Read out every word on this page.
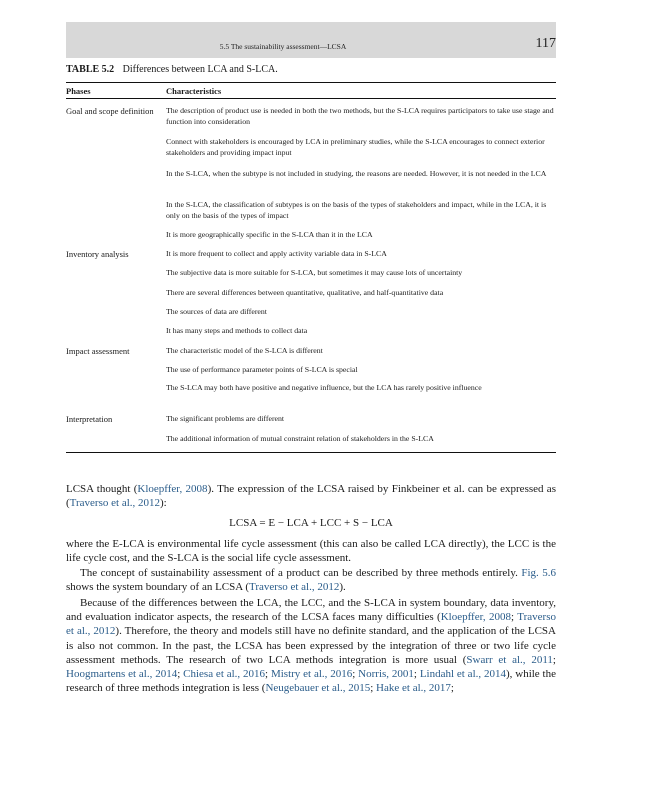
5.5 The sustainability assessment—LCSA	117
TABLE 5.2 Differences between LCA and S-LCA.
Phases	Characteristics
Goal and scope definition	The description of product use is needed in both the two methods, but the S-LCA requires participators to take use stage and function into consideration
Connect with stakeholders is encouraged by LCA in preliminary studies, while the S-LCA encourages to connect exterior stakeholders and providing impact input
In the S-LCA, when the subtype is not included in studying, the reasons are needed. However, it is not needed in the LCA
In the S-LCA, the classification of subtypes is on the basis of the types of stakeholders and impact, while in the LCA, it is only on the basis of the types of impact
It is more geographically specific in the S-LCA than it in the LCA
Inventory analysis	It is more frequent to collect and apply activity variable data in S-LCA
The subjective data is more suitable for S-LCA, but sometimes it may cause lots of uncertainty
There are several differences between quantitative, qualitative, and half-quantitative data
The sources of data are different
It has many steps and methods to collect data
Impact assessment	The characteristic model of the S-LCA is different
The use of performance parameter points of S-LCA is special
The S-LCA may both have positive and negative influence, but the LCA has rarely positive influence
Interpretation	The significant problems are different
The additional information of mutual constraint relation of stakeholders in the S-LCA
LCSA thought (Kloepffer, 2008). The expression of the LCSA raised by Finkbeiner et al. can be expressed as (Traverso et al., 2012):
LCSA = E − LCA + LCC + S − LCA
where the E-LCA is environmental life cycle assessment (this can also be called LCA directly), the LCC is the life cycle cost, and the S-LCA is the social life cycle assessment.
The concept of sustainability assessment of a product can be described by three methods entirely. Fig. 5.6 shows the system boundary of an LCSA (Traverso et al., 2012).
Because of the differences between the LCA, the LCC, and the S-LCA in system boundary, data inventory, and evaluation indicator aspects, the research of the LCSA faces many difficulties (Kloepffer, 2008; Traverso et al., 2012). Therefore, the theory and models still have no definite standard, and the application of the LCSA is also not common. In the past, the LCSA has been expressed by the integration of three or two life cycle assessment methods. The research of two LCA methods integration is more usual (Swarr et al., 2011; Hoogmartens et al., 2014; Chiesa et al., 2016; Mistry et al., 2016; Norris, 2001; Lindahl et al., 2014), while the research of three methods integration is less (Neugebauer et al., 2015; Hake et al., 2017;
